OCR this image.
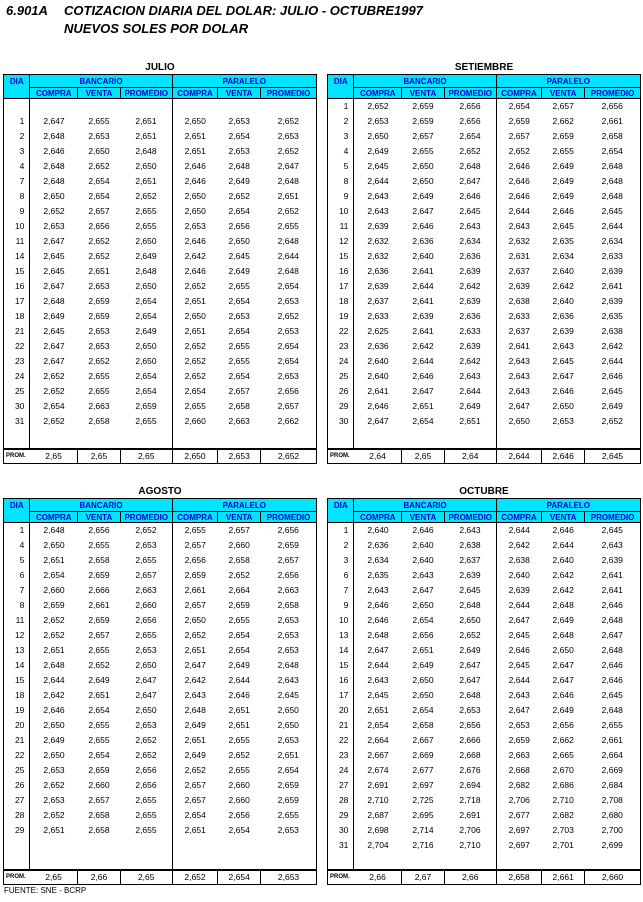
6.901A COTIZACION DIARIA DEL DOLAR: JULIO - OCTUBRE1997
NUEVOS SOLES POR DOLAR
JULIO
DIA	BANCARIO			PARALELO		
	COMPRA	VENTA	PROMEDIO	COMPRA	VENTA	PROMEDIO

1	2,647	2,655	2,651	2,650	2,653	2,652
2	2,648	2,653	2,651	2,651	2,654	2,653
3	2,646	2,650	2,648	2,651	2,653	2,652
4	2,648	2,652	2,650	2,646	2,648	2,647
7	2,648	2,654	2,651	2,646	2,649	2,648
8	2,650	2,654	2,652	2,650	2,652	2,651
9	2,652	2,657	2,655	2,650	2,654	2,652
10	2,653	2,656	2,655	2,653	2,656	2,655
11	2,647	2,652	2,650	2,646	2,650	2,648
14	2,645	2,652	2,649	2,642	2,645	2,644
15	2,645	2,651	2,648	2,646	2,649	2,648
16	2,647	2,653	2,650	2,652	2,655	2,654
17	2,648	2,659	2,654	2,651	2,654	2,653
18	2,649	2,659	2,654	2,650	2,653	2,652
21	2,645	2,653	2,649	2,651	2,654	2,653
22	2,647	2,653	2,650	2,652	2,655	2,654
23	2,647	2,652	2,650	2,652	2,655	2,654
24	2,652	2,655	2,654	2,652	2,654	2,653
25	2,652	2,655	2,654	2,654	2,657	2,656
30	2,654	2,663	2,659	2,655	2,658	2,657
31	2,652	2,658	2,655	2,660	2,663	2,662

PROM.	2,65	2,65	2,65	2,650	2,653	2,652
SETIEMBRE
DIA	BANCARIO			PARALELO		
	COMPRA	VENTA	PROMEDIO	COMPRA	VENTA	PROMEDIO
1	2,652	2,659	2,656	2,654	2,657	2,656
2	2,653	2,659	2,656	2,659	2,662	2,661
3	2,650	2,657	2,654	2,657	2,659	2,658
4	2,649	2,655	2,652	2,652	2,655	2,654
5	2,645	2,650	2,648	2,646	2,649	2,648
8	2,644	2,650	2,647	2,646	2,649	2,648
9	2,643	2,649	2,646	2,646	2,649	2,648
10	2,643	2,647	2,645	2,644	2,646	2,645
11	2,639	2,646	2,643	2,643	2,645	2,644
12	2,632	2,636	2,634	2,632	2,635	2,634
15	2,632	2,640	2,636	2,631	2,634	2,633
16	2,636	2,641	2,639	2,637	2,640	2,639
17	2,639	2,644	2,642	2,639	2,642	2,641
18	2,637	2,641	2,639	2,638	2,640	2,639
19	2,633	2,639	2,636	2,633	2,636	2,635
22	2,625	2,641	2,633	2,637	2,639	2,638
23	2,636	2,642	2,639	2,641	2,643	2,642
24	2,640	2,644	2,642	2,643	2,645	2,644
25	2,640	2,646	2,643	2,643	2,647	2,646
26	2,641	2,647	2,644	2,643	2,646	2,645
29	2,646	2,651	2,649	2,647	2,650	2,649
30	2,647	2,654	2,651	2,650	2,653	2,652

PROM.	2,64	2,65	2,64	2,644	2,646	2,645
AGOSTO
DIA	BANCARIO			PARALELO		
	COMPRA	VENTA	PROMEDIO	COMPRA	VENTA	PROMEDIO
1	2,648	2,656	2,652	2,655	2,657	2,656
4	2,650	2,655	2,653	2,657	2,660	2,659
5	2,651	2,658	2,655	2,656	2,658	2,657
6	2,654	2,659	2,657	2,659	2,652	2,656
7	2,660	2,666	2,663	2,661	2,664	2,663
8	2,659	2,661	2,660	2,657	2,659	2,658
11	2,652	2,659	2,656	2,650	2,655	2,653
12	2,652	2,657	2,655	2,652	2,654	2,653
13	2,651	2,655	2,653	2,651	2,654	2,653
14	2,648	2,652	2,650	2,647	2,649	2,648
15	2,644	2,649	2,647	2,642	2,644	2,643
18	2,642	2,651	2,647	2,643	2,646	2,645
19	2,646	2,654	2,650	2,648	2,651	2,650
20	2,650	2,655	2,653	2,649	2,651	2,650
21	2,649	2,655	2,652	2,651	2,655	2,653
22	2,650	2,654	2,652	2,649	2,652	2,651
25	2,653	2,659	2,656	2,652	2,655	2,654
26	2,652	2,660	2,656	2,657	2,660	2,659
27	2,653	2,657	2,655	2,657	2,660	2,659
28	2,652	2,658	2,655	2,654	2,656	2,655
29	2,651	2,658	2,655	2,651	2,654	2,653

PROM.	2,65	2,66	2,65	2,652	2,654	2,653
OCTUBRE
DIA	BANCARIO			PARALELO		
	COMPRA	VENTA	PROMEDIO	COMPRA	VENTA	PROMEDIO
1	2,640	2,646	2,643	2,644	2,646	2,645
2	2,636	2,640	2,638	2,642	2,644	2,643
3	2,634	2,640	2,637	2,638	2,640	2,639
6	2,635	2,643	2,639	2,640	2,642	2,641
7	2,643	2,647	2,645	2,639	2,642	2,641
9	2,646	2,650	2,648	2,644	2,648	2,646
10	2,646	2,654	2,650	2,647	2,649	2,648
13	2,648	2,656	2,652	2,645	2,648	2,647
14	2,647	2,651	2,649	2,646	2,650	2,648
15	2,644	2,649	2,647	2,645	2,647	2,646
16	2,643	2,650	2,647	2,644	2,647	2,646
17	2,645	2,650	2,648	2,643	2,646	2,645
20	2,651	2,654	2,653	2,647	2,649	2,648
21	2,654	2,658	2,656	2,653	2,656	2,655
22	2,664	2,667	2,666	2,659	2,662	2,661
23	2,667	2,669	2,668	2,663	2,665	2,664
24	2,674	2,677	2,676	2,668	2,670	2,669
27	2,691	2,697	2,694	2,682	2,686	2,684
28	2,710	2,725	2,718	2,706	2,710	2,708
29	2,687	2,695	2,691	2,677	2,682	2,680
30	2,698	2,714	2,706	2,697	2,703	2,700
31	2,704	2,716	2,710	2,697	2,701	2,699

PROM.	2,66	2,67	2,66	2,658	2,661	2,660
FUENTE: SNE - BCRP
